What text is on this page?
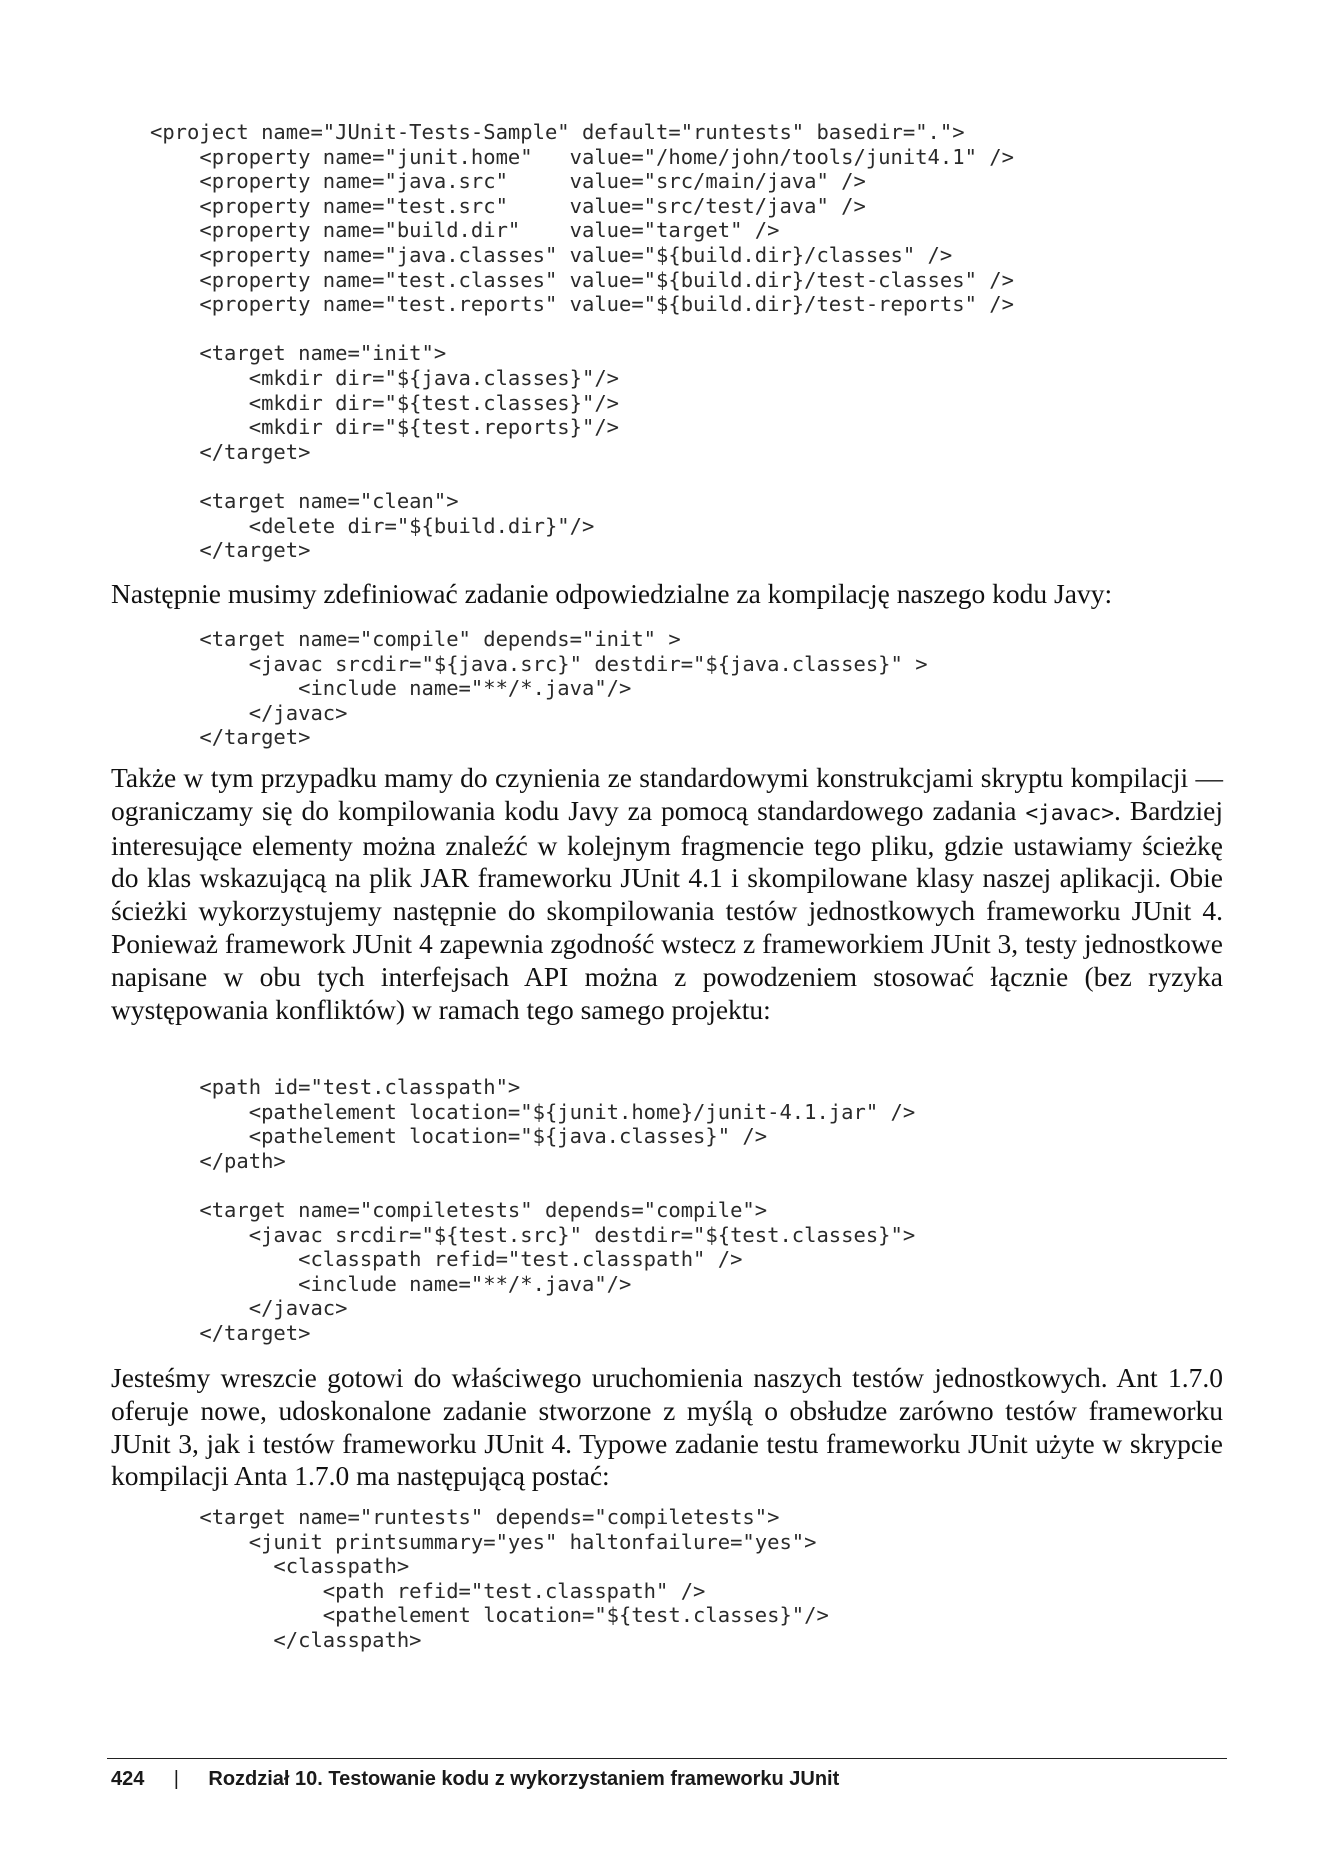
<project name="JUnit-Tests-Sample" default="runtests" basedir=".">
<property name="junit.home"   value="/home/john/tools/junit4.1" />
<property name="java.src"     value="src/main/java" />
<property name="test.src"     value="src/test/java" />
<property name="build.dir"    value="target" />
<property name="java.classes" value="${build.dir}/classes" />
<property name="test.classes" value="${build.dir}/test-classes" />
<property name="test.reports" value="${build.dir}/test-reports" />
<target name="init">
<mkdir dir="${java.classes}"/>
<mkdir dir="${test.classes}"/>
<mkdir dir="${test.reports}"/>
</target>
<target name="clean">
<delete dir="${build.dir}"/>
</target>

Następnie musimy zdefiniować zadanie odpowiedzialne za kompilację naszego kodu Javy:

<target name="compile" depends="init" >
<javac srcdir="${java.src}" destdir="${java.classes}" >
<include name="**/*.java"/>
</javac>
</target>

Także w tym przypadku mamy do czynienia ze standardowymi konstrukcjami skryptu kompilacji — ograniczamy się do kompilowania kodu Javy za pomocą standardowego zadania <javac>. Bardziej interesujące elementy można znaleźć w kolejnym fragmencie tego pliku, gdzie ustawiamy ścieżkę do klas wskazującą na plik JAR frameworku JUnit 4.1 i skompilowane klasy naszej aplikacji. Obie ścieżki wykorzystujemy następnie do skompilowania testów jednostkowych frameworku JUnit 4. Ponieważ framework JUnit 4 zapewnia zgodność wstecz z frameworkiem JUnit 3, testy jednostkowe napisane w obu tych interfejsach API można z powodzeniem stosować łącznie (bez ryzyka występowania konfliktów) w ramach tego samego projektu:

<path id="test.classpath">
<pathelement location="${junit.home}/junit-4.1.jar" />
<pathelement location="${java.classes}" />
</path>
<target name="compiletests" depends="compile">
<javac srcdir="${test.src}" destdir="${test.classes}">
<classpath refid="test.classpath" />
<include name="**/*.java"/>
</javac>
</target>

Jesteśmy wreszcie gotowi do właściwego uruchomienia naszych testów jednostkowych. Ant 1.7.0 oferuje nowe, udoskonalone zadanie stworzone z myślą o obsłudze zarówno testów frameworku JUnit 3, jak i testów frameworku JUnit 4. Typowe zadanie testu frameworku JUnit użyte w skrypcie kompilacji Anta 1.7.0 ma następującą postać:

<target name="runtests" depends="compiletests">
<junit printsummary="yes" haltonfailure="yes">
<classpath>
<path refid="test.classpath" />
<pathelement location="${test.classes}"/>
</classpath>
424 | Rozdział 10. Testowanie kodu z wykorzystaniem frameworku JUnit
